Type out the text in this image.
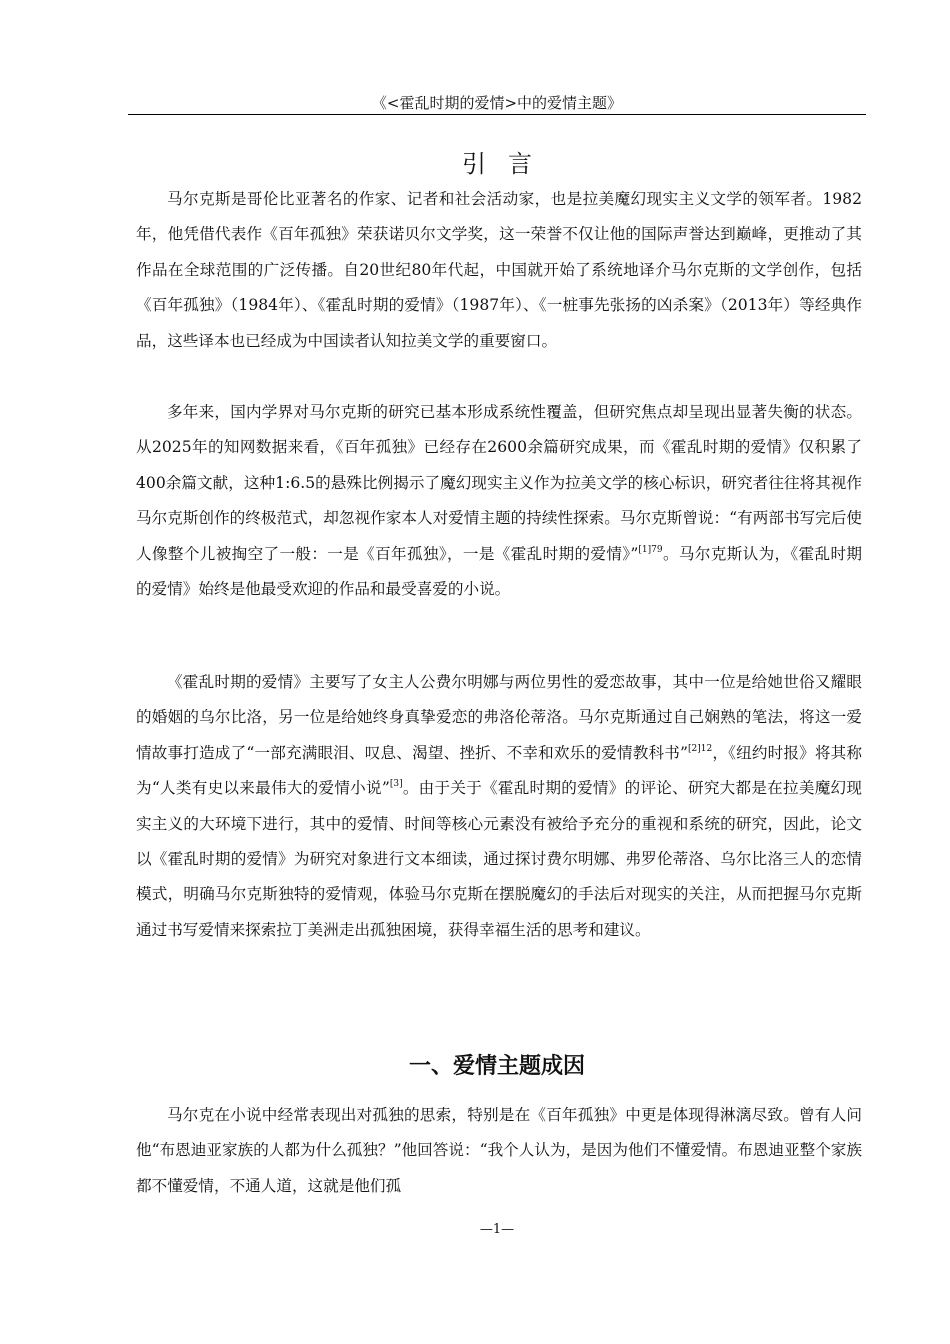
《<霍乱时期的爱情>中的爱情主题》
引言

马尔克斯是哥伦比亚著名的作家、记者和社会活动家，也是拉美魔幻现实主义文学的领军者。1982年，他凭借代表作《百年孤独》荣获诺贝尔文学奖，这一荣誉不仅让他的国际声誉达到巅峰，更推动了其作品在全球范围的广泛传播。自20世纪80年代起，中国就开始了系统地译介马尔克斯的文学创作，包括《百年孤独》（1984年）、《霍乱时期的爱情》（1987年）、《一桩事先张扬的凶杀案》（2013年）等经典作品，这些译本也已经成为中国读者认知拉美文学的重要窗口。

多年来，国内学界对马尔克斯的研究已基本形成系统性覆盖，但研究焦点却呈现出显著失衡的状态。从2025年的知网数据来看，《百年孤独》已经存在2600余篇研究成果，而《霍乱时期的爱情》仅积累了400余篇文献，这种1:6.5的悬殊比例揭示了魔幻现实主义作为拉美文学的核心标识，研究者往往将其视作马尔克斯创作的终极范式，却忽视作家本人对爱情主题的持续性探索。马尔克斯曾说：“有两部书写完后使人像整个儿被掏空了一般：一是《百年孤独》，一是《霍乱时期的爱情》”$^{[1]79}$。马尔克斯认为，《霍乱时期的爱情》始终是他最受欢迎的作品和最受喜爱的小说。

《霍乱时期的爱情》主要写了女主人公费尔明娜与两位男性的爱恋故事，其中一位是给她世俗又耀眼的婚姻的乌尔比洛，另一位是给她终身真挚爱恋的弗洛伦蒂洛。马尔克斯通过自己娴熟的笔法，将这一爱情故事打造成了“一部充满眼泪、叹息、渴望、挫折、不幸和欢乐的爱情教科书”$^{[2]12}$，《纽约时报》将其称为“人类有史以来最伟大的爱情小说”[3]。由于关于《霍乱时期的爱情》的评论、研究大都是在拉美魔幻现实主义的大环境下进行，其中的爱情、时间等核心元素没有被给予充分的重视和系统的研究，因此，论文以《霍乱时期的爱情》为研究对象进行文本细读，通过探讨费尔明娜、弗罗伦蒂洛、乌尔比洛三人的恋情模式，明确马尔克斯独特的爱情观，体验马尔克斯在摆脱魔幻的手法后对现实的关注，从而把握马尔克斯通过书写爱情来探索拉丁美洲走出孤独困境，获得幸福生活的思考和建议。

一、爱情主题成因

马尔克在小说中经常表现出对孤独的思索，特别是在《百年孤独》中更是体现得淋漓尽致。曾有人问他“布恩迪亚家族的人都为什么孤独？”他回答说：“我个人认为，是因为他们不懂爱情。布恩迪亚整个家族都不懂爱情，不通人道，这就是他们孤

—1—
